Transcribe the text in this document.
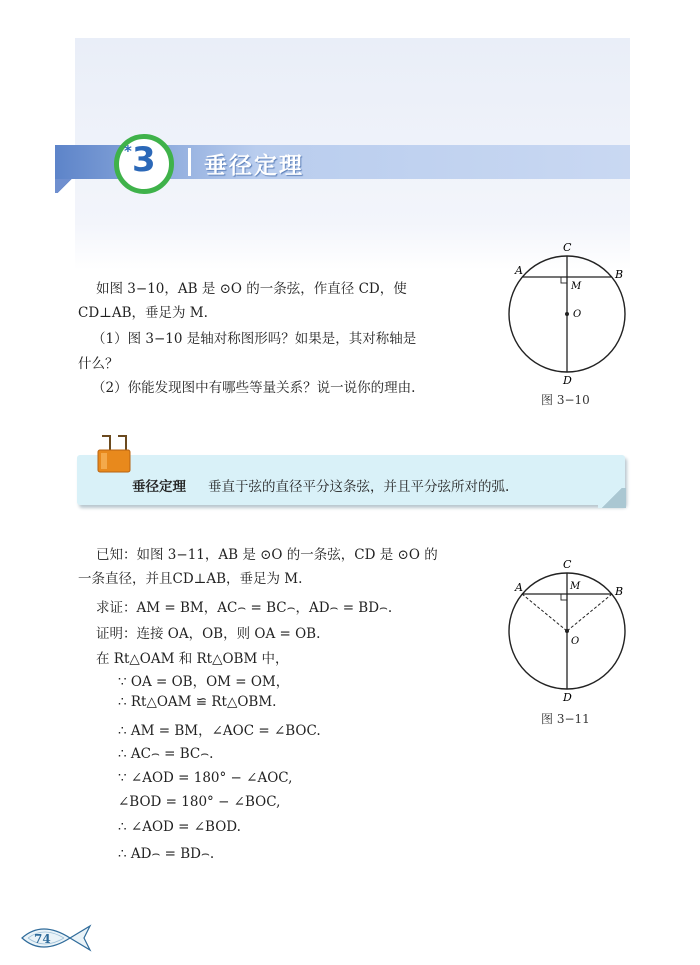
* 3 垂径定理
如图 3−10，AB 是 ⊙O 的一条弦，作直径 CD，使
CD⊥AB，垂足为 M.
（1）图 3−10 是轴对称图形吗？如果是，其对称轴是
什么？
（2）你能发现图中有哪些等量关系？说一说你的理由.
C
A	B
M
O
D
图 3−10
垂径定理 垂直于弦的直径平分这条弦，并且平分弦所对的弧.
已知：如图 3−11，AB 是 ⊙O 的一条弦，CD 是 ⊙O 的
一条直径，并且CD⊥AB，垂足为 M.
求证：AM = BM，AC⌢ = BC⌢，AD⌢ = BD⌢.
证明：连接 OA，OB，则 OA = OB.
在 Rt△OAM 和 Rt△OBM 中，
∵ OA = OB，OM = OM，
∴ Rt△OAM ≌ Rt△OBM.
∴ AM = BM，∠AOC = ∠BOC.
∴ AC⌢ = BC⌢.
∵ ∠AOD = 180° − ∠AOC,
∠BOD = 180° − ∠BOC,
∴ ∠AOD = ∠BOD.
∴ AD⌢ = BD⌢.
C
A	B
M
O
D
图 3−11
74
